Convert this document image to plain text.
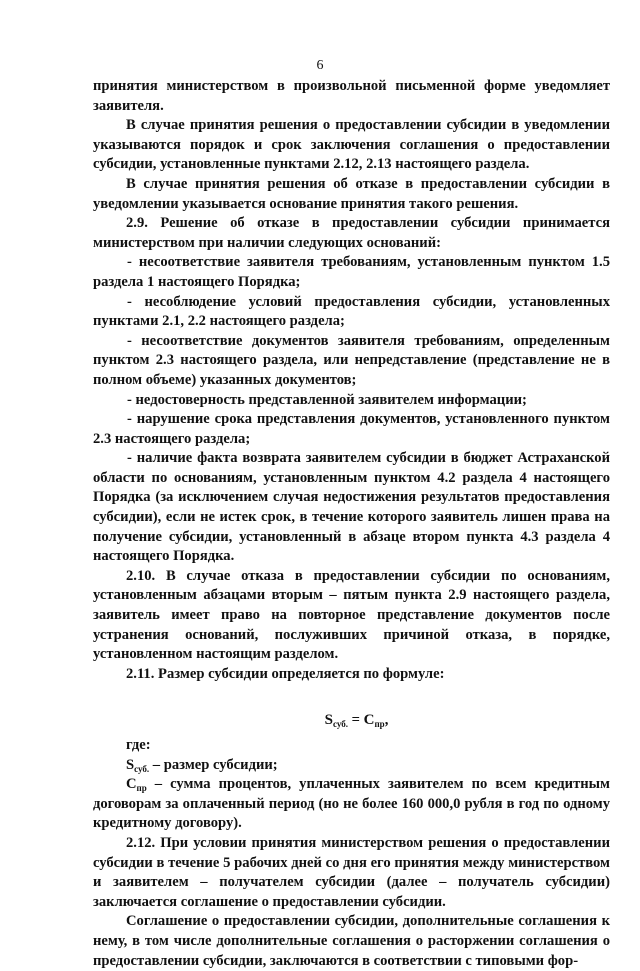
6

принятия министерством в произвольной письменной форме уведомляет заявителя.

В случае принятия решения о предоставлении субсидии в уведомлении указываются порядок и срок заключения соглашения о предоставлении субсидии, установленные пунктами 2.12, 2.13 настоящего раздела.

В случае принятия решения об отказе в предоставлении субсидии в уведомлении указывается основание принятия такого решения.

2.9. Решение об отказе в предоставлении субсидии принимается министерством при наличии следующих оснований:

- несоответствие заявителя требованиям, установленным пунктом 1.5 раздела 1 настоящего Порядка;

- несоблюдение условий предоставления субсидии, установленных пунктами 2.1, 2.2 настоящего раздела;

- несоответствие документов заявителя требованиям, определенным пунктом 2.3 настоящего раздела, или непредставление (представление не в полном объеме) указанных документов;

- недостоверность представленной заявителем информации;

- нарушение срока представления документов, установленного пунктом 2.3 настоящего раздела;

- наличие факта возврата заявителем субсидии в бюджет Астраханской области по основаниям, установленным пунктом 4.2 раздела 4 настоящего Порядка (за исключением случая недостижения результатов предоставления субсидии), если не истек срок, в течение которого заявитель лишен права на получение субсидии, установленный в абзаце втором пункта 4.3 раздела 4 настоящего Порядка.

2.10. В случае отказа в предоставлении субсидии по основаниям, установленным абзацами вторым – пятым пункта 2.9 настоящего раздела, заявитель имеет право на повторное представление документов после устранения оснований, послуживших причиной отказа, в порядке, установленном настоящим разделом.

2.11. Размер субсидии определяется по формуле:

$S_{суб.} = С_{пр}$,

где:

$S_{суб.}$ – размер субсидии;

$С_{пр}$ – сумма процентов, уплаченных заявителем по всем кредитным договорам за оплаченный период (но не более 160 000,0 рубля в год по одному кредитному договору).

2.12. При условии принятия министерством решения о предоставлении субсидии в течение 5 рабочих дней со дня его принятия между министерством и заявителем – получателем субсидии (далее – получатель субсидии) заключается соглашение о предоставлении субсидии.

Соглашение о предоставлении субсидии, дополнительные соглашения к нему, в том числе дополнительные соглашения о расторжении соглашения о предоставлении субсидии, заключаются в соответствии с типовыми фор-
